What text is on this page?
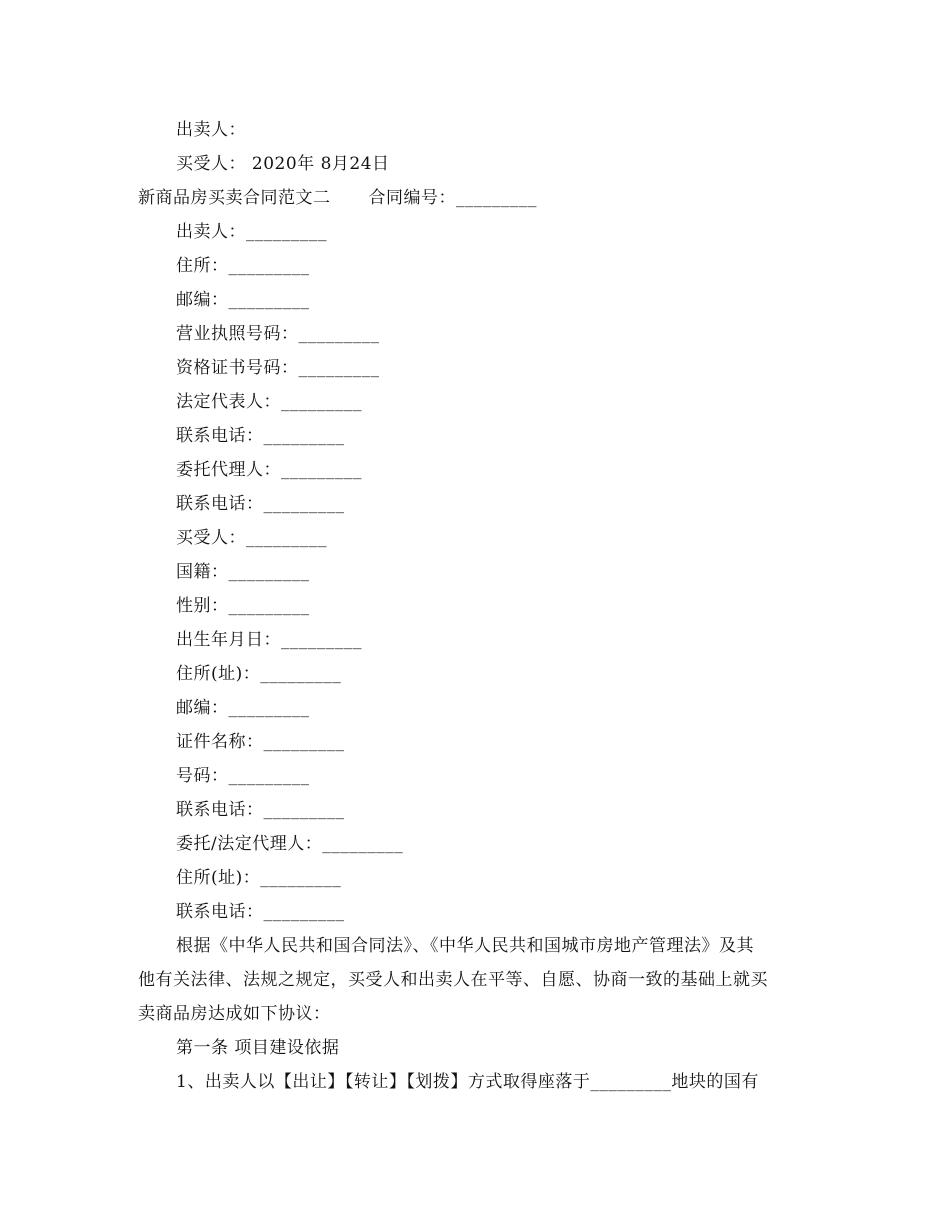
出卖人：
买受人： 2020年 8月24日
新商品房买卖合同范文二 合同编号：_________
出卖人：_________
住所：_________
邮编：_________
营业执照号码：_________
资格证书号码：_________
法定代表人：_________
联系电话：_________
委托代理人：_________
联系电话：_________
买受人：_________
国籍：_________
性别：_________
出生年月日：_________
住所(址)：_________
邮编：_________
证件名称：_________
号码：_________
联系电话：_________
委托/法定代理人：_________
住所(址)：_________
联系电话：_________
根据《中华人民共和国合同法》、《中华人民共和国城市房地产管理法》及其
他有关法律、法规之规定，买受人和出卖人在平等、自愿、协商一致的基础上就买
卖商品房达成如下协议：
第一条 项目建设依据
1、出卖人以【出让】【转让】【划拨】方式取得座落于_________地块的国有
